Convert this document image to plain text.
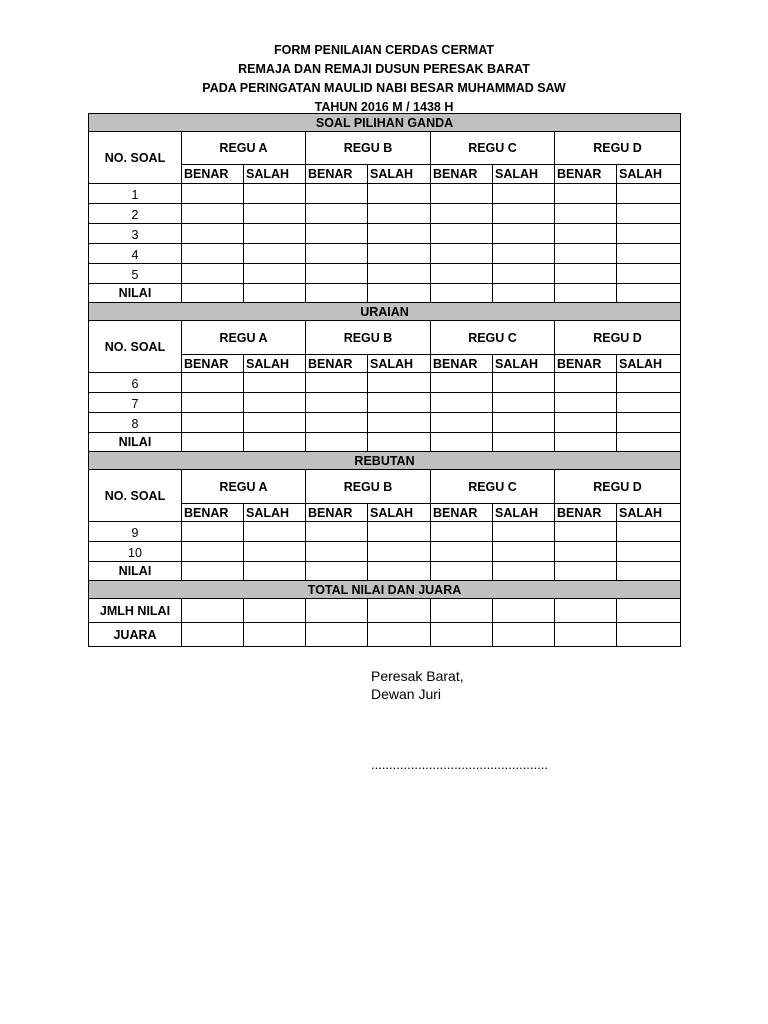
FORM PENILAIAN CERDAS CERMAT
REMAJA DAN REMAJI DUSUN PERESAK BARAT
PADA PERINGATAN MAULID NABI BESAR MUHAMMAD SAW
TAHUN 2016 M / 1438 H
SOAL PILIHAN GANDA								
NO. SOAL	REGU A		REGU B		REGU C		REGU D	
	BENAR	SALAH	BENAR	SALAH	BENAR	SALAH	BENAR	SALAH
1								
2								
3								
4								
5								
NILAI								
URAIAN								
NO. SOAL	REGU A		REGU B		REGU C		REGU D	
	BENAR	SALAH	BENAR	SALAH	BENAR	SALAH	BENAR	SALAH
6								
7								
8								
NILAI								
REBUTAN								
NO. SOAL	REGU A		REGU B		REGU C		REGU D	
	BENAR	SALAH	BENAR	SALAH	BENAR	SALAH	BENAR	SALAH
9								
10								
NILAI								
TOTAL NILAI DAN JUARA								
JMLH NILAI								
JUARA								
Peresak Barat,
Dewan Juri
.................................................
